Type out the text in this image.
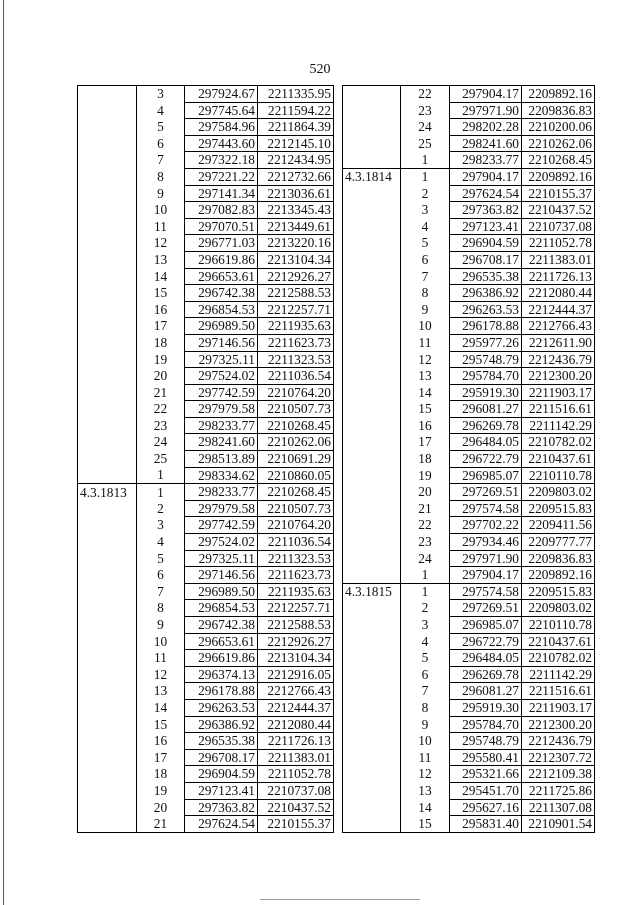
520
	3	297924.67	2211335.95
	4	297745.64	2211594.22
	5	297584.96	2211864.39
	6	297443.60	2212145.10
	7	297322.18	2212434.95
	8	297221.22	2212732.66
	9	297141.34	2213036.61
	10	297082.83	2213345.43
	11	297070.51	2213449.61
	12	296771.03	2213220.16
	13	296619.86	2213104.34
	14	296653.61	2212926.27
	15	296742.38	2212588.53
	16	296854.53	2212257.71
	17	296989.50	2211935.63
	18	297146.56	2211623.73
	19	297325.11	2211323.53
	20	297524.02	2211036.54
	21	297742.59	2210764.20
	22	297979.58	2210507.73
	23	298233.77	2210268.45
	24	298241.60	2210262.06
	25	298513.89	2210691.29
	1	298334.62	2210860.05
4.3.1813	1	298233.77	2210268.45
	2	297979.58	2210507.73
	3	297742.59	2210764.20
	4	297524.02	2211036.54
	5	297325.11	2211323.53
	6	297146.56	2211623.73
	7	296989.50	2211935.63
	8	296854.53	2212257.71
	9	296742.38	2212588.53
	10	296653.61	2212926.27
	11	296619.86	2213104.34
	12	296374.13	2212916.05
	13	296178.88	2212766.43
	14	296263.53	2212444.37
	15	296386.92	2212080.44
	16	296535.38	2211726.13
	17	296708.17	2211383.01
	18	296904.59	2211052.78
	19	297123.41	2210737.08
	20	297363.82	2210437.52
	21	297624.54	2210155.37
	22	297904.17	2209892.16
	23	297971.90	2209836.83
	24	298202.28	2210200.06
	25	298241.60	2210262.06
	1	298233.77	2210268.45
4.3.1814	1	297904.17	2209892.16
	2	297624.54	2210155.37
	3	297363.82	2210437.52
	4	297123.41	2210737.08
	5	296904.59	2211052.78
	6	296708.17	2211383.01
	7	296535.38	2211726.13
	8	296386.92	2212080.44
	9	296263.53	2212444.37
	10	296178.88	2212766.43
	11	295977.26	2212611.90
	12	295748.79	2212436.79
	13	295784.70	2212300.20
	14	295919.30	2211903.17
	15	296081.27	2211516.61
	16	296269.78	2211142.29
	17	296484.05	2210782.02
	18	296722.79	2210437.61
	19	296985.07	2210110.78
	20	297269.51	2209803.02
	21	297574.58	2209515.83
	22	297702.22	2209411.56
	23	297934.46	2209777.77
	24	297971.90	2209836.83
	1	297904.17	2209892.16
4.3.1815	1	297574.58	2209515.83
	2	297269.51	2209803.02
	3	296985.07	2210110.78
	4	296722.79	2210437.61
	5	296484.05	2210782.02
	6	296269.78	2211142.29
	7	296081.27	2211516.61
	8	295919.30	2211903.17
	9	295784.70	2212300.20
	10	295748.79	2212436.79
	11	295580.41	2212307.72
	12	295321.66	2212109.38
	13	295451.70	2211725.86
	14	295627.16	2211307.08
	15	295831.40	2210901.54
